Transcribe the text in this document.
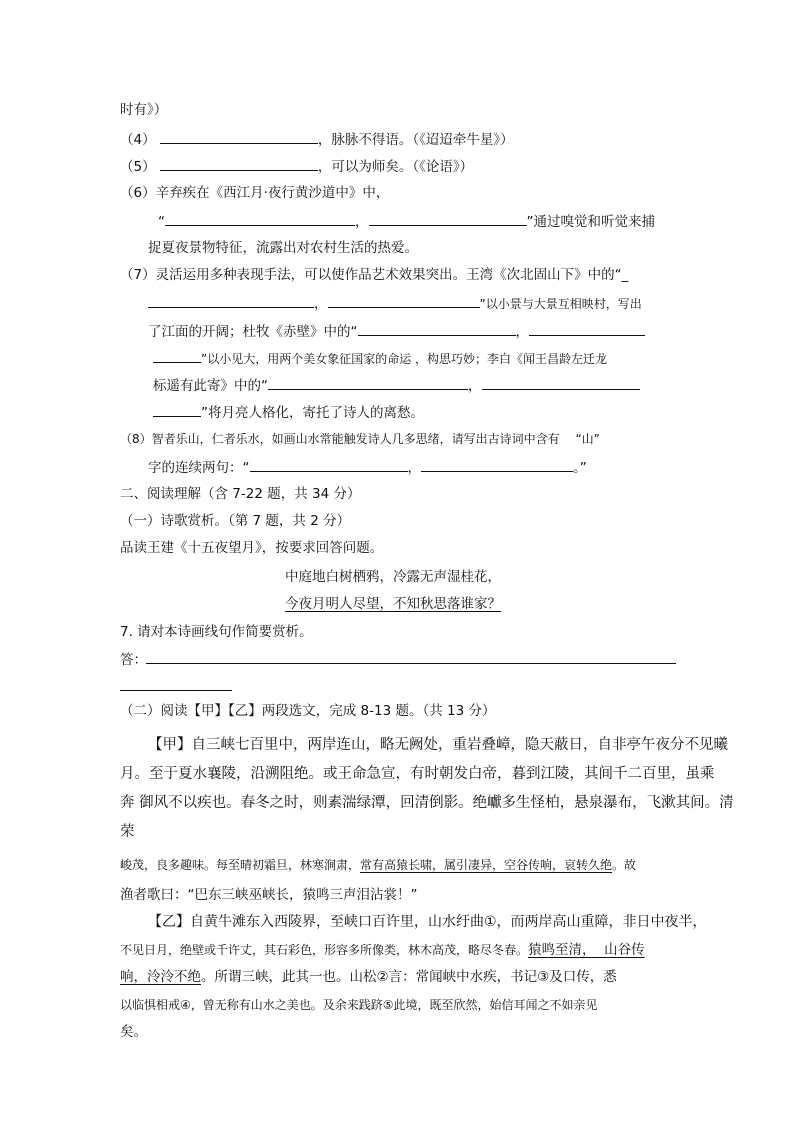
时有》）
（4）	，脉脉不得语。（《迢迢牵牛星》）
（5）	，可以为师矣。（《论语》）
（6）辛弃疾在《西江月·夜行黄沙道中》中，
“	，	”通过嗅觉和听觉来捕
捉夏夜景物特征，流露出对农村生活的热爱。
（7）灵活运用多种表现手法，可以使作品艺术效果突出。王湾《次北固山下》中的“_
，	”以小景与大景互相映村，写出
了江面的开阔；杜牧《赤壁》中的“	，
”以小见大，用两个美女象征国家的命运 ，构思巧妙；李白《闻王昌龄左迁龙
标遥有此寄》中的“	，
”将月亮人格化，寄托了诗人的离愁。
（8）智者乐山，仁者乐水，如画山水常能触发诗人几多思绪，请写出古诗词中含有 “山”
字的连续两句：“	，	。”
二、阅读理解（含 7-22 题，共 34 分）
（一）诗歌赏析。（第 7 题，共 2 分）
品读王建《十五夜望月》，按要求回答问题。
中庭地白树栖鸦，冷露无声湿桂花，
今夜月明人尽望，不知秋思落谁家？
7. 请对本诗画线句作简要赏析。
答：
（二）阅读【甲】【乙】两段选文，完成 8-13 题。（共 13 分）
【甲】自三峡七百里中，两岸连山，略无阙处，重岩叠嶂，隐天蔽日，自非亭午夜分不见曦
月。至于夏水襄陵，沿溯阻绝。或王命急宣，有时朝发白帝，暮到江陵，其间千二百里，虽乘
奔 御风不以疾也。春冬之时，则素湍绿潭，回清倒影。绝巘多生怪柏，悬泉瀑布，飞漱其间。清
荣
峻茂，良多趣味。每至晴初霜旦，林寒涧肃，常有高猿长啸，属引凄异，空谷传响，哀转久绝。故
渔者歌曰：“巴东三峡巫峡长，猿鸣三声泪沾裳！”
【乙】自黄牛滩东入西陵界，至峡口百许里，山水纡曲①，而两岸高山重障，非日中夜半，
不见日月，绝壁或千许丈，其石彩色，形容多所像类，林木高茂，略尽冬春。猿鸣至清，  山谷传
响，泠泠不绝。所谓三峡，此其一也。山松②言：常闻峡中水疾，书记③及口传，悉
以临惧相戒④，曾无称有山水之美也。及余来践跻⑤此境，既至欣然，始信耳闻之不如亲见
矣。
